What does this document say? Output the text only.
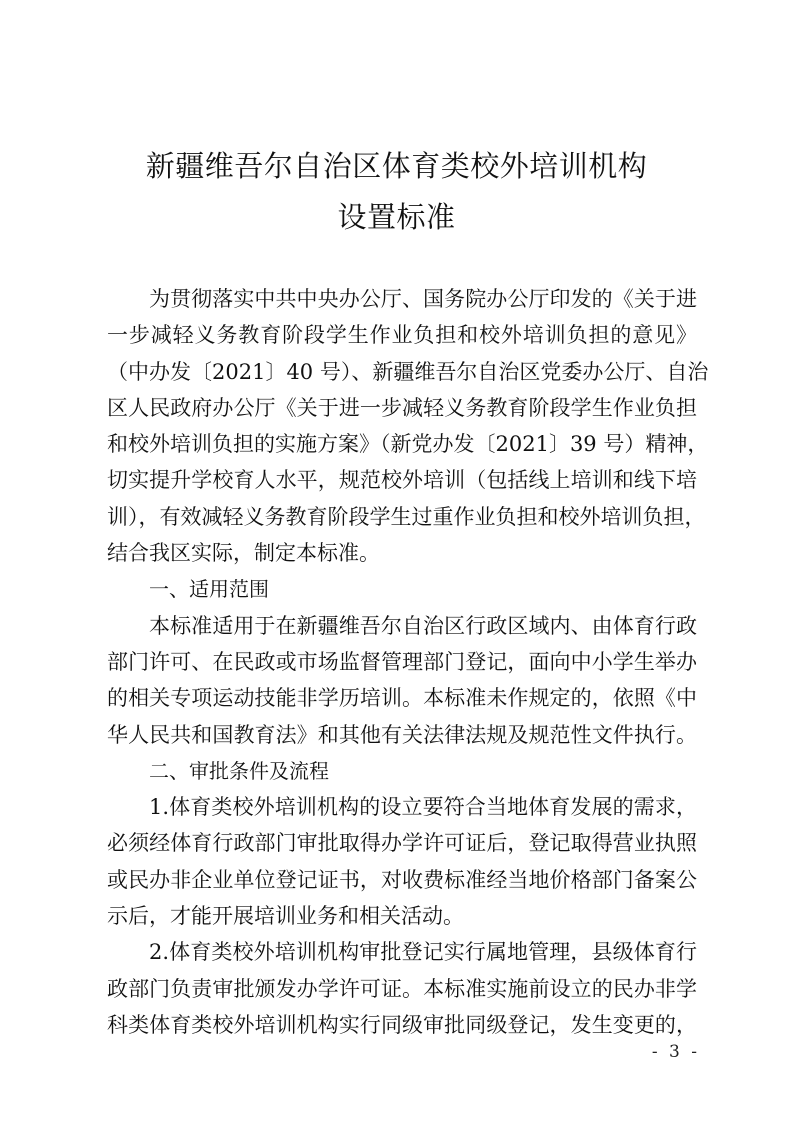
新疆维吾尔自治区体育类校外培训机构
设置标准
为贯彻落实中共中央办公厅、国务院办公厅印发的《关于进
一步减轻义务教育阶段学生作业负担和校外培训负担的意见》
（中办发〔2021〕40 号）、新疆维吾尔自治区党委办公厅、自治
区人民政府办公厅《关于进一步减轻义务教育阶段学生作业负担
和校外培训负担的实施方案》（新党办发〔2021〕39 号）精神，
切实提升学校育人水平，规范校外培训（包括线上培训和线下培
训），有效减轻义务教育阶段学生过重作业负担和校外培训负担，
结合我区实际，制定本标准。
一、适用范围
本标准适用于在新疆维吾尔自治区行政区域内、由体育行政
部门许可、在民政或市场监督管理部门登记，面向中小学生举办
的相关专项运动技能非学历培训。本标准未作规定的，依照《中
华人民共和国教育法》和其他有关法律法规及规范性文件执行。
二、审批条件及流程
1.体育类校外培训机构的设立要符合当地体育发展的需求，
必须经体育行政部门审批取得办学许可证后，登记取得营业执照
或民办非企业单位登记证书，对收费标准经当地价格部门备案公
示后，才能开展培训业务和相关活动。
2.体育类校外培训机构审批登记实行属地管理，县级体育行
政部门负责审批颁发办学许可证。本标准实施前设立的民办非学
科类体育类校外培训机构实行同级审批同级登记，发生变更的，
- 3 -
